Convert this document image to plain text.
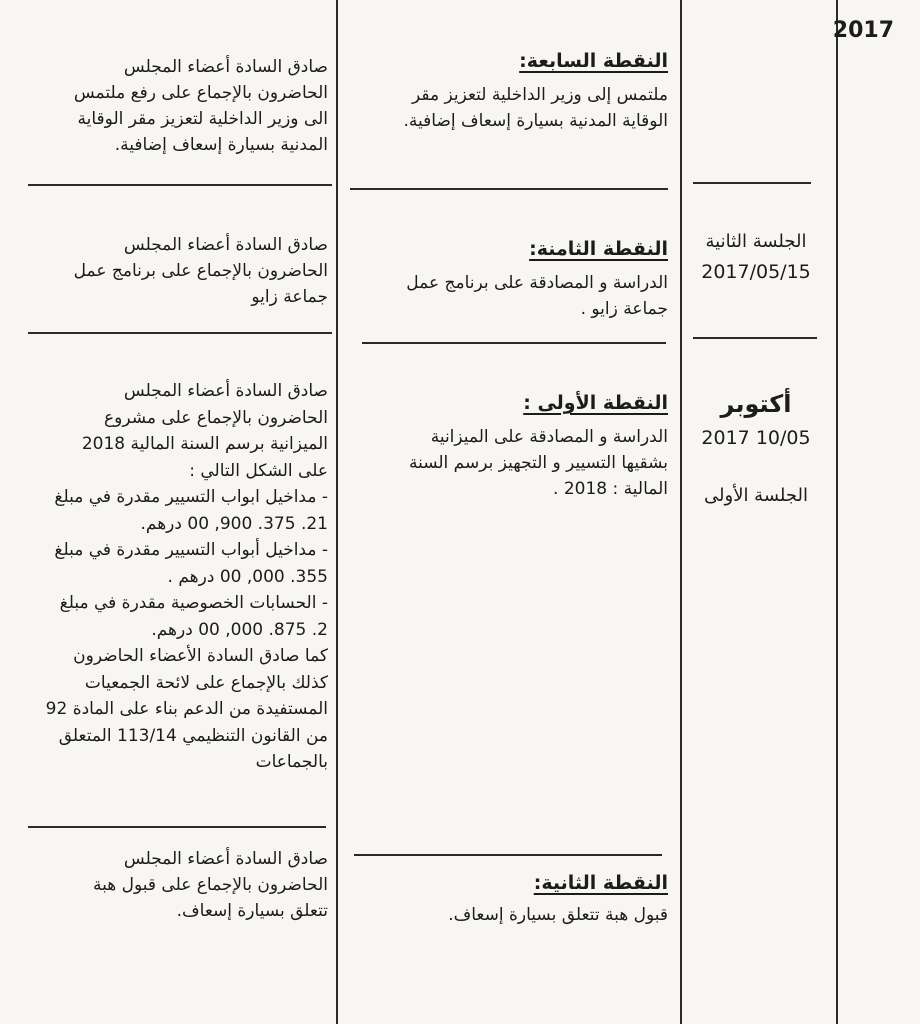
2017
الجلسة الثانية
2017/05/15
أكتوبر
2017 10/05
الجلسة الأولى
النقطة السابعة:
ملتمس إلى وزير الداخلية لتعزيز مقر
الوقاية المدنية بسيارة إسعاف إضافية.
النقطة الثامنة:
الدراسة و المصادقة على برنامج عمل
جماعة زايو .
النقطة الأولى :
الدراسة و المصادقة على الميزانية
بشقيها التسيير و التجهيز برسم السنة
المالية : 2018 .
النقطة الثانية:
قبول هبة تتعلق بسيارة إسعاف.
صادق السادة أعضاء المجلس
الحاضرون بالإجماع على رفع ملتمس
الى وزير الداخلية لتعزيز مقر الوقاية
المدنية بسيارة إسعاف إضافية.
صادق السادة أعضاء المجلس
الحاضرون بالإجماع على برنامج عمل
جماعة زايو
صادق السادة أعضاء المجلس
الحاضرون بالإجماع على مشروع
الميزانية برسم السنة المالية 2018
على الشكل التالي :
- مداخيل ابواب التسيير مقدرة في مبلغ
21. 375. 900, 00 درهم.
- مداخيل أبواب التسيير مقدرة في مبلغ
355. 000, 00 درهم .
- الحسابات الخصوصية مقدرة في مبلغ
2. 875. 000, 00 درهم.
كما صادق السادة الأعضاء الحاضرون
كذلك بالإجماع على لائحة الجمعيات
المستفيدة من الدعم بناء على المادة 92
من القانون التنظيمي 113/14 المتعلق
بالجماعات
صادق السادة أعضاء المجلس
الحاضرون بالإجماع على قبول هبة
تتعلق بسيارة إسعاف.
